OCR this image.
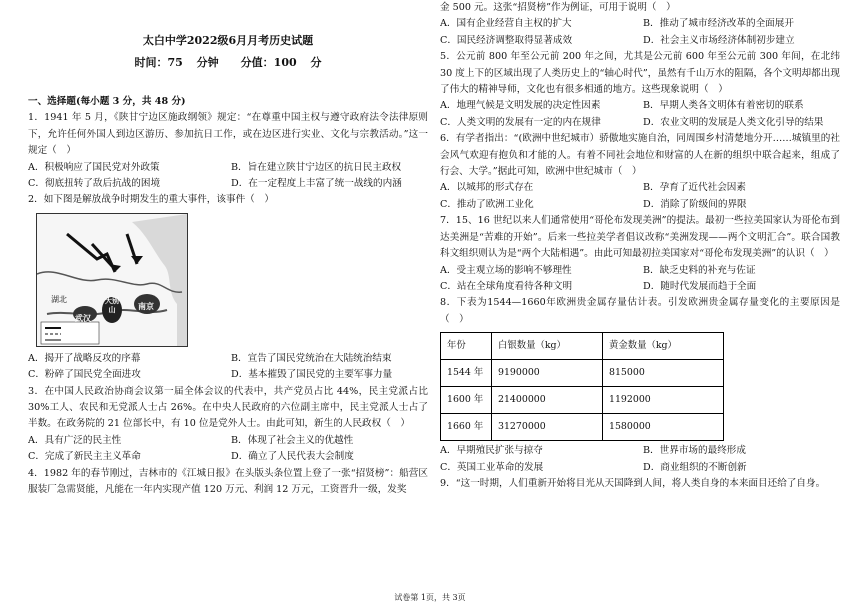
太白中学2022级6月月考历史试题
时间：75 分钟　　分值：100 分
一、选择题(每小题 3 分，共 48 分)

1．1941 年 5 月，《陕甘宁边区施政纲领》规定：“在尊重中国主权与遵守政府法令法律原则下，允许任何外国人到边区游历、参加抗日工作，或在边区进行实业、文化与宗教活动。”这一规定（　）

A．积极响应了国民党对外政策	B．旨在建立陕甘宁边区的抗日民主政权
C．彻底扭转了敌后抗战的困境	D．在一定程度上丰富了统一战线的内涵

2．如下图是解放战争时期发生的重大事件，该事件（　）

湖北
武汉
大别山	南京
A．揭开了战略反攻的序幕	B．宣告了国民党统治在大陆统治结束
C．粉碎了国民党全面进攻	D．基本摧毁了国民党的主要军事力量

3．在中国人民政治协商会议第一届全体会议的代表中，共产党员占比 44%，民主党派占比 30%工人、农民和无党派人士占 26%。在中央人民政府的六位副主席中，民主党派人士占了半数。在政务院的 21 位部长中，有 10 位是党外人士。由此可知，新生的人民政权（　）

A．具有广泛的民主性	B．体现了社会主义的优越性
C．完成了新民主主义革命	D．确立了人民代表大会制度

4．1982 年的春节刚过，吉林市的《江城日报》在头版头条位置上登了一张“招贤榜”：船营区服装厂急需贤能，凡能在一年内实现产值 120 万元、利润 12 万元，工资晋升一级，发奖

金 500 元。这张“招贤榜”作为例证，可用于说明（　）

A．国有企业经营自主权的扩大	B．推动了城市经济改革的全面展开
C．国民经济调整取得显著成效	D．社会主义市场经济体制初步建立

5．公元前 800 年至公元前 200 年之间，尤其是公元前 600 年至公元前 300 年间，在北纬 30 度上下的区域出现了人类历史上的“轴心时代”，虽然有千山万水的阻隔，各个文明却都出现了伟大的精神导师，文化也有很多相通的地方。这些现象说明（　）

A．地理气候是文明发展的决定性因素	B．早期人类各文明体有着密切的联系
C．人类文明的发展有一定的内在规律	D．农业文明的发展是人类文化引导的结果

6．有学者指出：“(欧洲中世纪城市）骄傲地实施自治，同周围乡村清楚地分开……城镇里的社会风气欢迎有抱负和才能的人。有着不同社会地位和财富的人在新的组织中联合起来，组成了行会、大学。”据此可知，欧洲中世纪城市（　）

A．以城邦的形式存在	B．孕育了近代社会因素
C．推动了欧洲工业化	D．消除了阶级间的界限

7．15、16 世纪以来人们通常使用“哥伦布发现美洲”的提法。最初一些拉美国家认为哥伦布到达美洲是“苦难的开始”。后来一些拉美学者倡议改称“美洲发现——两个文明汇合”。联合国教科文组织则认为是“两个大陆相遇”。由此可知最初拉美国家对“哥伦布发现美洲”的认识（　）

A．受主观立场的影响不够理性	B．缺乏史料的补充与佐证
C．站在全球角度看待各种文明	D．随时代发展而趋于全面

8．下表为1544—1660年欧洲贵金属存量估计表。引发欧洲贵金属存量变化的主要原因是（　）

年份	白银数量（kg）	黄金数量（kg）
1544 年	9190000	815000
1600 年	21400000	1192000
1660 年	31270000	1580000
A．早期殖民扩张与掠夺	B．世界市场的最终形成
C．英国工业革命的发展	D．商业组织的不断创新

9．“这一时期，人们重新开始将目光从天国降到人间，将人类自身的本来面目还给了自身。

试卷第 1页，共 3页
